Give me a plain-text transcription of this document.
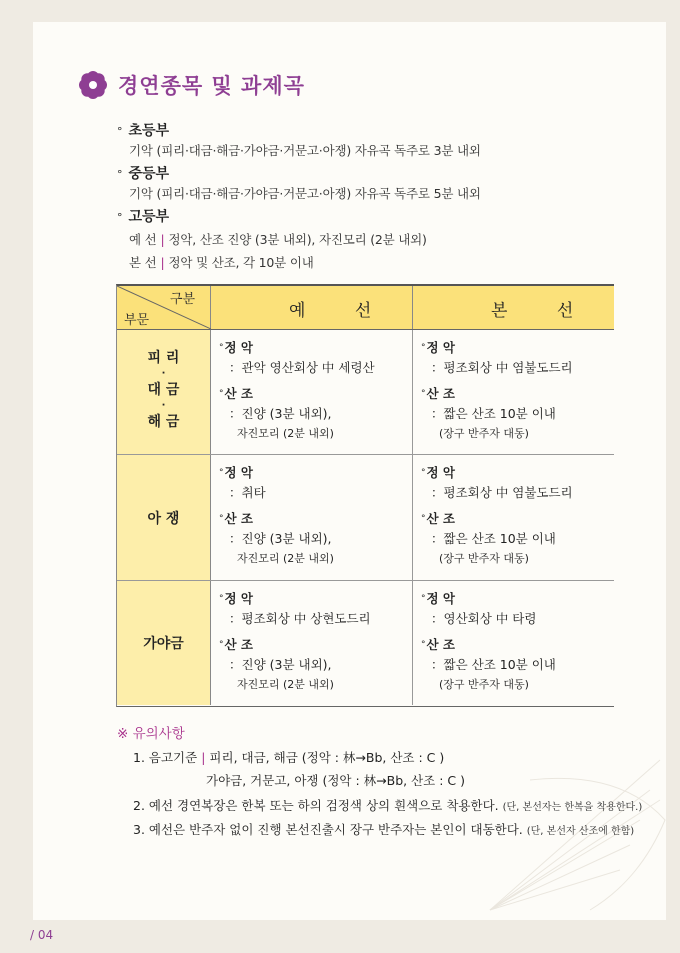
경연종목 및 과제곡
° 초등부
기악 (피리·대금·해금·가야금·거문고·아쟁) 자유곡 독주로 3분 내외
° 중등부
기악 (피리·대금·해금·가야금·거문고·아쟁) 자유곡 독주로 5분 내외
° 고등부
예 선 | 정악, 산조 진양 (3분 내외), 자진모리 (2분 내외)
본 선 | 정악 및 산조, 각 10분 이내
구분
부문	예 선	본 선
피 리
·
대 금
·
해 금
°정 악
：관악 영산회상 中 세령산
°산 조
：진양 (3분 내외),
자진모리 (2분 내외)
°정 악
：평조회상 中 염불도드리
°산 조
：짧은 산조 10분 이내
(장구 반주자 대동)
아 쟁
°정 악
：취타
°산 조
：진양 (3분 내외),
자진모리 (2분 내외)
°정 악
：평조회상 中 염불도드리
°산 조
：짧은 산조 10분 이내
(장구 반주자 대동)
가야금
°정 악
：평조회상 中 상현도드리
°산 조
：진양 (3분 내외),
자진모리 (2분 내외)
°정 악
：영산회상 中 타령
°산 조
：짧은 산조 10분 이내
(장구 반주자 대동)
※ 유의사항
1. 음고기준 | 피리, 대금, 해금 (정악 : 林→Bb, 산조 : C )
가야금, 거문고, 아쟁 (정악 : 林→Bb, 산조 : C )
2. 예선 경연복장은 한복 또는 하의 검정색 상의 흰색으로 착용한다. (단, 본선자는 한복을 착용한다.)
3. 예선은 반주자 없이 진행 본선진출시 장구 반주자는 본인이 대동한다. (단, 본선자 산조에 한함)
/ 04
